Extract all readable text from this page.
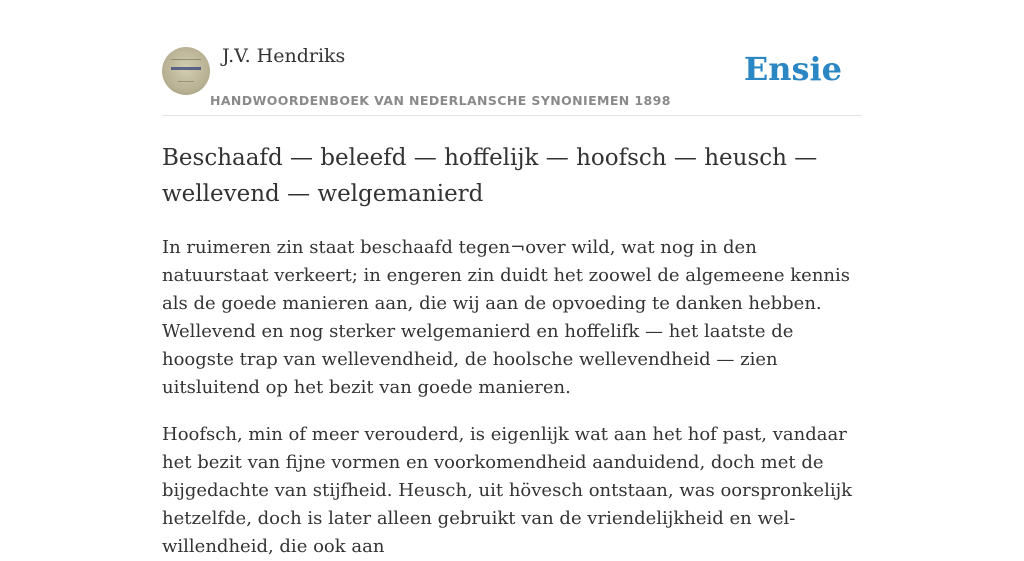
J.V. Hendriks
HANDWOORDENBOEK VAN NEDERLANSCHE SYNONIEMEN 1898
Ensie
Beschaafd — beleefd — hoffelijk — hoofsch — heusch — wellevend — welgemanierd

In ruimeren zin staat beschaafd tegen¬over wild, wat nog in den natuurstaat verkeert; in engeren zin duidt het zoowel de algemeene kennis als de goede manieren aan, die wij aan de opvoeding te danken hebben. Wellevend en nog sterker welgemanierd en hoffelifk — het laatste de hoogste trap van wellevendheid, de hoolsche wellevendheid — zien uitsluitend op het bezit van goede manieren.

Hoofsch, min of meer verouderd, is eigenlijk wat aan het hof past, vandaar het bezit van fijne vormen en voorkomendheid aanduidend, doch met de bijgedachte van stijfheid. Heusch, uit hövesch ontstaan, was oorspronkelijk hetzelfde, doch is later alleen gebruikt van de vriendelijkheid en wel- willendheid, die ook aan
